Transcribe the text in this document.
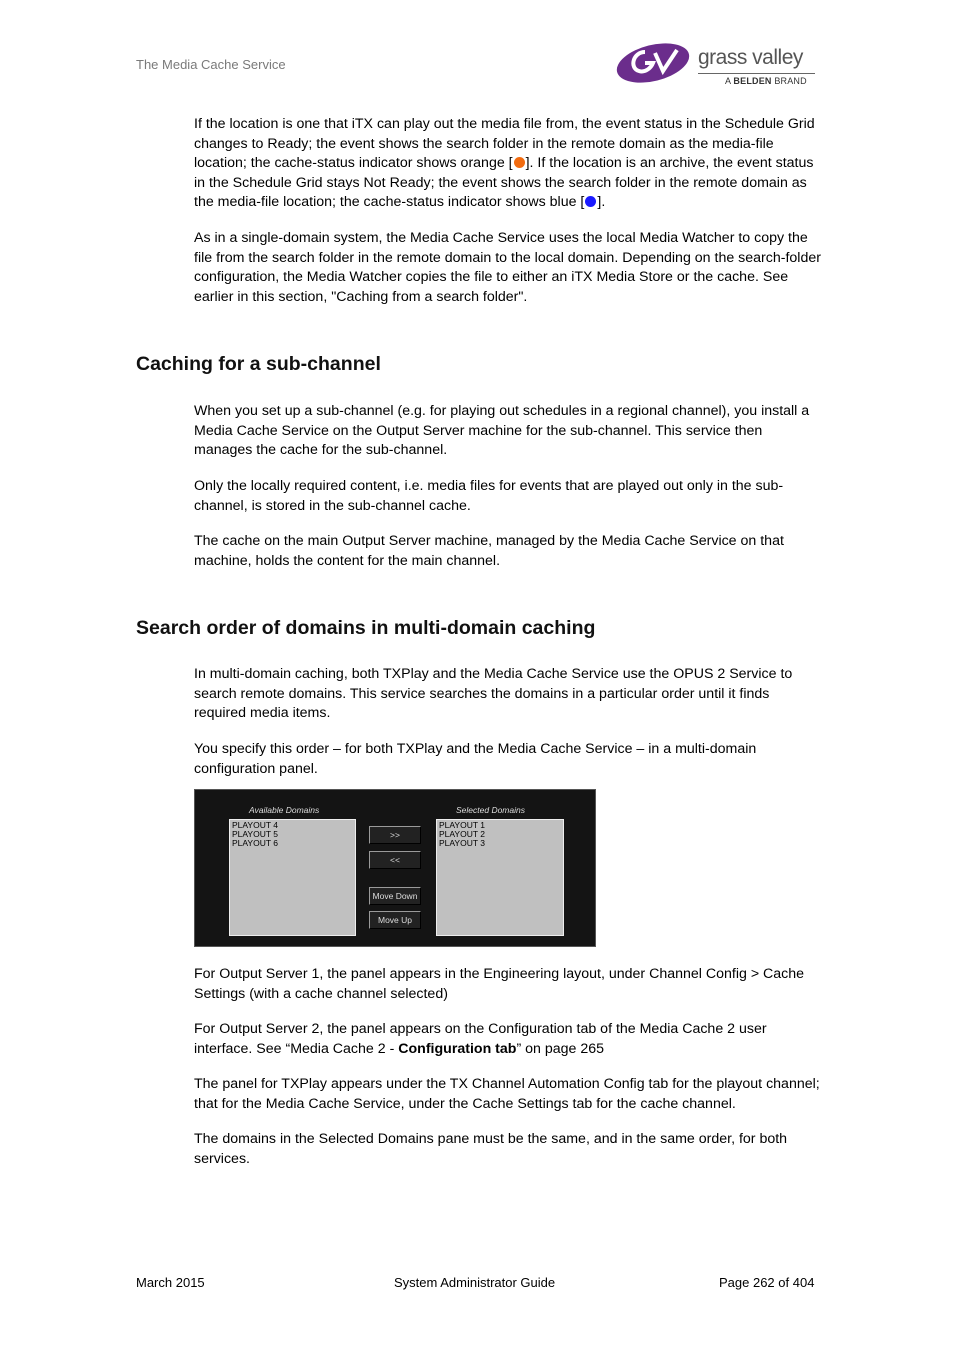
The Media Cache Service	grass valley
A BELDEN BRAND

If the location is one that iTX can play out the media file from, the event status in the Schedule Grid changes to Ready; the event shows the search folder in the remote domain as the media-file location; the cache-status indicator shows orange [ ]. If the location is an archive, the event status in the Schedule Grid stays Not Ready; the event shows the search folder in the remote domain as the media-file location; the cache-status indicator shows blue [ ].

As in a single-domain system, the Media Cache Service uses the local Media Watcher to copy the file from the search folder in the remote domain to the local domain. Depending on the search-folder configuration, the Media Watcher copies the file to either an iTX Media Store or the cache. See earlier in this section, "Caching from a search folder".

Caching for a sub-channel

When you set up a sub-channel (e.g. for playing out schedules in a regional channel), you install a Media Cache Service on the Output Server machine for the sub-channel. This service then manages the cache for the sub-channel.

Only the locally required content, i.e. media files for events that are played out only in the sub-channel, is stored in the sub-channel cache.

The cache on the main Output Server machine, managed by the Media Cache Service on that machine, holds the content for the main channel.

Search order of domains in multi-domain caching

In multi-domain caching, both TXPlay and the Media Cache Service use the OPUS 2 Service to search remote domains. This service searches the domains in a particular order until it finds required media items.

You specify this order – for both TXPlay and the Media Cache Service – in a multi-domain configuration panel.

Available Domains	Selected Domains
PLAYOUT 4
PLAYOUT 5
PLAYOUT 6
PLAYOUT 1
PLAYOUT 2
PLAYOUT 3
>>
<<
Move Down
Move Up

For Output Server 1, the panel appears in the Engineering layout, under Channel Config > Cache Settings (with a cache channel selected)

For Output Server 2, the panel appears on the Configuration tab of the Media Cache 2 user interface. See “Media Cache 2 - Configuration tab” on page 265

The panel for TXPlay appears under the TX Channel Automation Config tab for the playout channel; that for the Media Cache Service, under the Cache Settings tab for the cache channel.

The domains in the Selected Domains pane must be the same, and in the same order, for both services.

March 2015	System Administrator Guide	Page 262 of 404
